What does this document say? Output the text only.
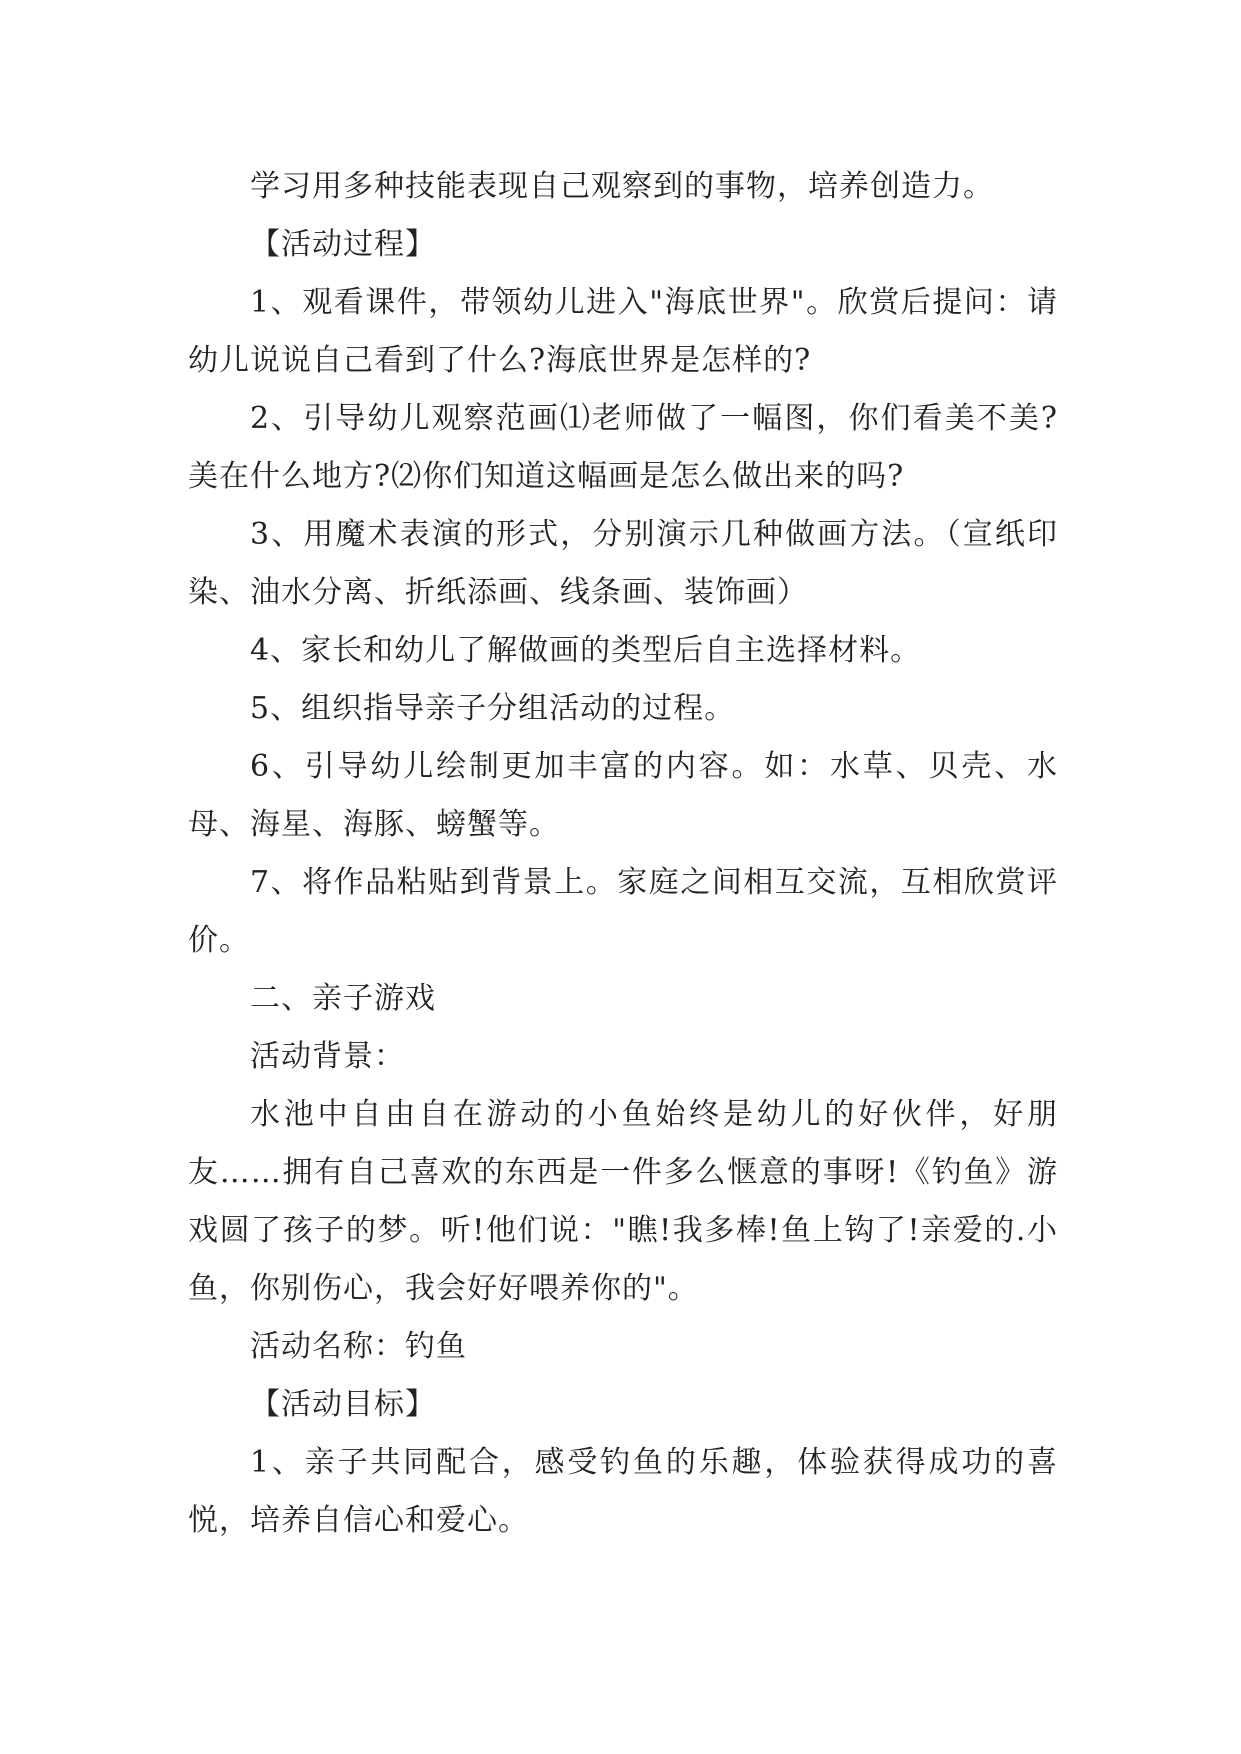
学习用多种技能表现自己观察到的事物，培养创造力。

【活动过程】

1、观看课件，带领幼儿进入"海底世界"。欣赏后提问：请幼儿说说自己看到了什么?海底世界是怎样的?

2、引导幼儿观察范画⑴老师做了一幅图，你们看美不美?美在什么地方?⑵你们知道这幅画是怎么做出来的吗?

3、用魔术表演的形式，分别演示几种做画方法。（宣纸印染、油水分离、折纸添画、线条画、装饰画）

4、家长和幼儿了解做画的类型后自主选择材料。

5、组织指导亲子分组活动的过程。

6、引导幼儿绘制更加丰富的内容。如：水草、贝壳、水母、海星、海豚、螃蟹等。

7、将作品粘贴到背景上。家庭之间相互交流，互相欣赏评价。

二、亲子游戏

活动背景：

水池中自由自在游动的小鱼始终是幼儿的好伙伴，好朋友……拥有自己喜欢的东西是一件多么惬意的事呀!《钓鱼》游戏圆了孩子的梦。听!他们说："瞧!我多棒!鱼上钩了!亲爱的.小鱼，你别伤心，我会好好喂养你的"。

活动名称：钓鱼

【活动目标】

1、亲子共同配合，感受钓鱼的乐趣，体验获得成功的喜悦，培养自信心和爱心。
